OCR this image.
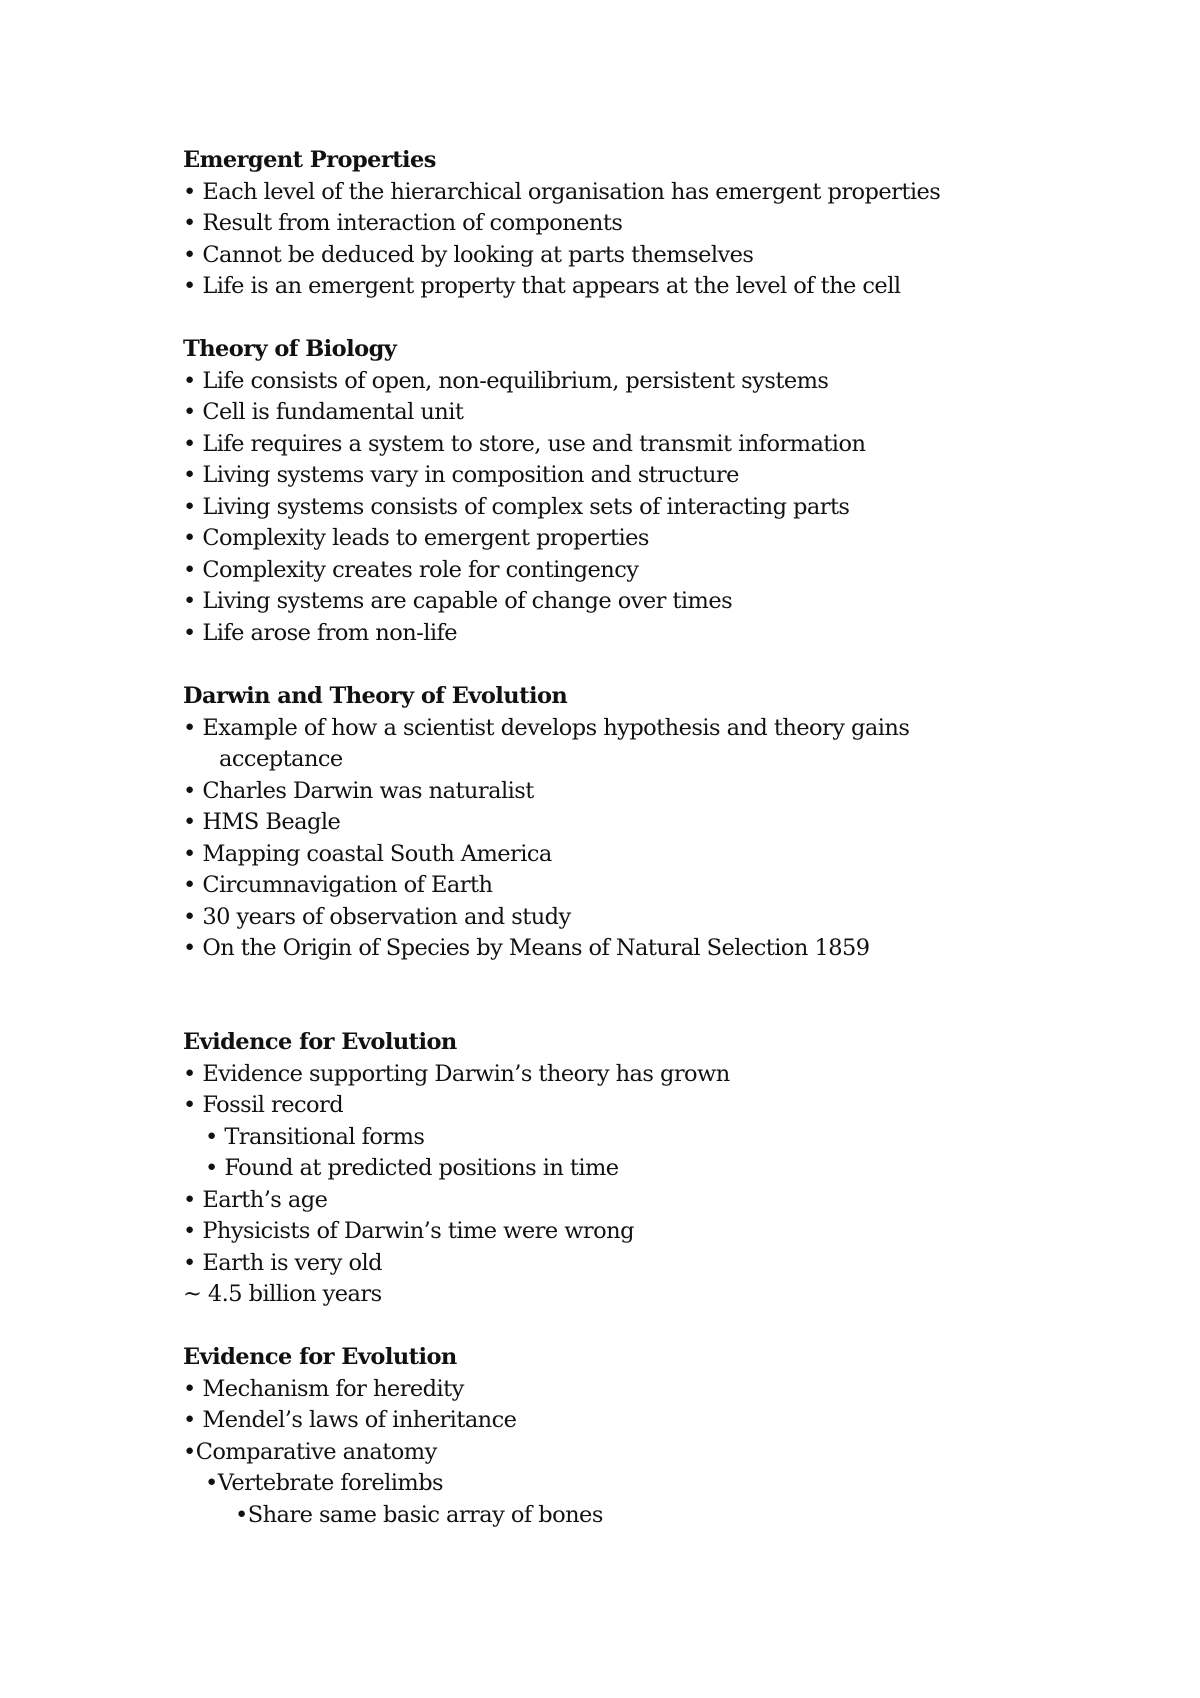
Emergent Properties
• Each level of the hierarchical organisation has emergent properties
• Result from interaction of components
• Cannot be deduced by looking at parts themselves
• Life is an emergent property that appears at the level of the cell
Theory of Biology
• Life consists of open, non-equilibrium, persistent systems
• Cell is fundamental unit
• Life requires a system to store, use and transmit information
• Living systems vary in composition and structure
• Living systems consists of complex sets of interacting parts
• Complexity leads to emergent properties
• Complexity creates role for contingency
• Living systems are capable of change over times
• Life arose from non-life
Darwin and Theory of Evolution
• Example of how a scientist develops hypothesis and theory gains
acceptance
• Charles Darwin was naturalist
• HMS Beagle
• Mapping coastal South America
• Circumnavigation of Earth
• 30 years of observation and study
• On the Origin of Species by Means of Natural Selection 1859
Evidence for Evolution
• Evidence supporting Darwin’s theory has grown
• Fossil record
• Transitional forms
• Found at predicted positions in time
• Earth’s age
• Physicists of Darwin’s time were wrong
• Earth is very old
~ 4.5 billion years
Evidence for Evolution
• Mechanism for heredity
• Mendel’s laws of inheritance
•Comparative anatomy
•Vertebrate forelimbs
•Share same basic array of bones
